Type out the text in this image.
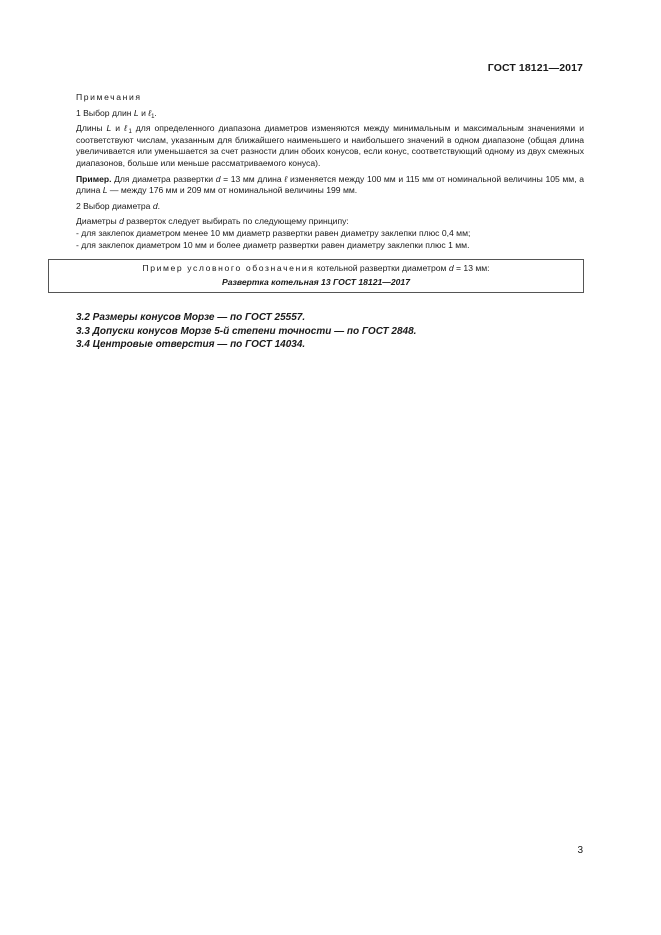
ГОСТ 18121—2017

Примечания

1 Выбор длин L и ℓ$_1$.

Длины L и ℓ$_1$ для определенного диапазона диаметров изменяются между минимальным и максимальным значениями и соответствуют числам, указанным для ближайшего наименьшего и наибольшего значений в одном диапазоне (общая длина увеличивается или уменьшается за счет разности длин обоих конусов, если конус, соответствующий одному из двух смежных диапазонов, больше или меньше рассматриваемого конуса).

Пример. Для диаметра развертки d = 13 мм длина ℓ изменяется между 100 мм и 115 мм от номинальной величины 105 мм, а длина L — между 176 мм и 209 мм от номинальной величины 199 мм.

2 Выбор диаметра d.

Диаметры d разверток следует выбирать по следующему принципу:

- для заклепок диаметром менее 10 мм диаметр развертки равен диаметру заклепки плюс 0,4 мм;

- для заклепок диаметром 10 мм и более диаметр развертки равен диаметру заклепки плюс 1 мм.

Пример условного обозначения котельной развертки диаметром d = 13 мм:
Развертка котельная 13 ГОСТ 18121—2017
3.2 Размеры конусов Морзе — по ГОСТ 25557.
3.3 Допуски конусов Морзе 5-й степени точности — по ГОСТ 2848.
3.4 Центровые отверстия — по ГОСТ 14034.
3
